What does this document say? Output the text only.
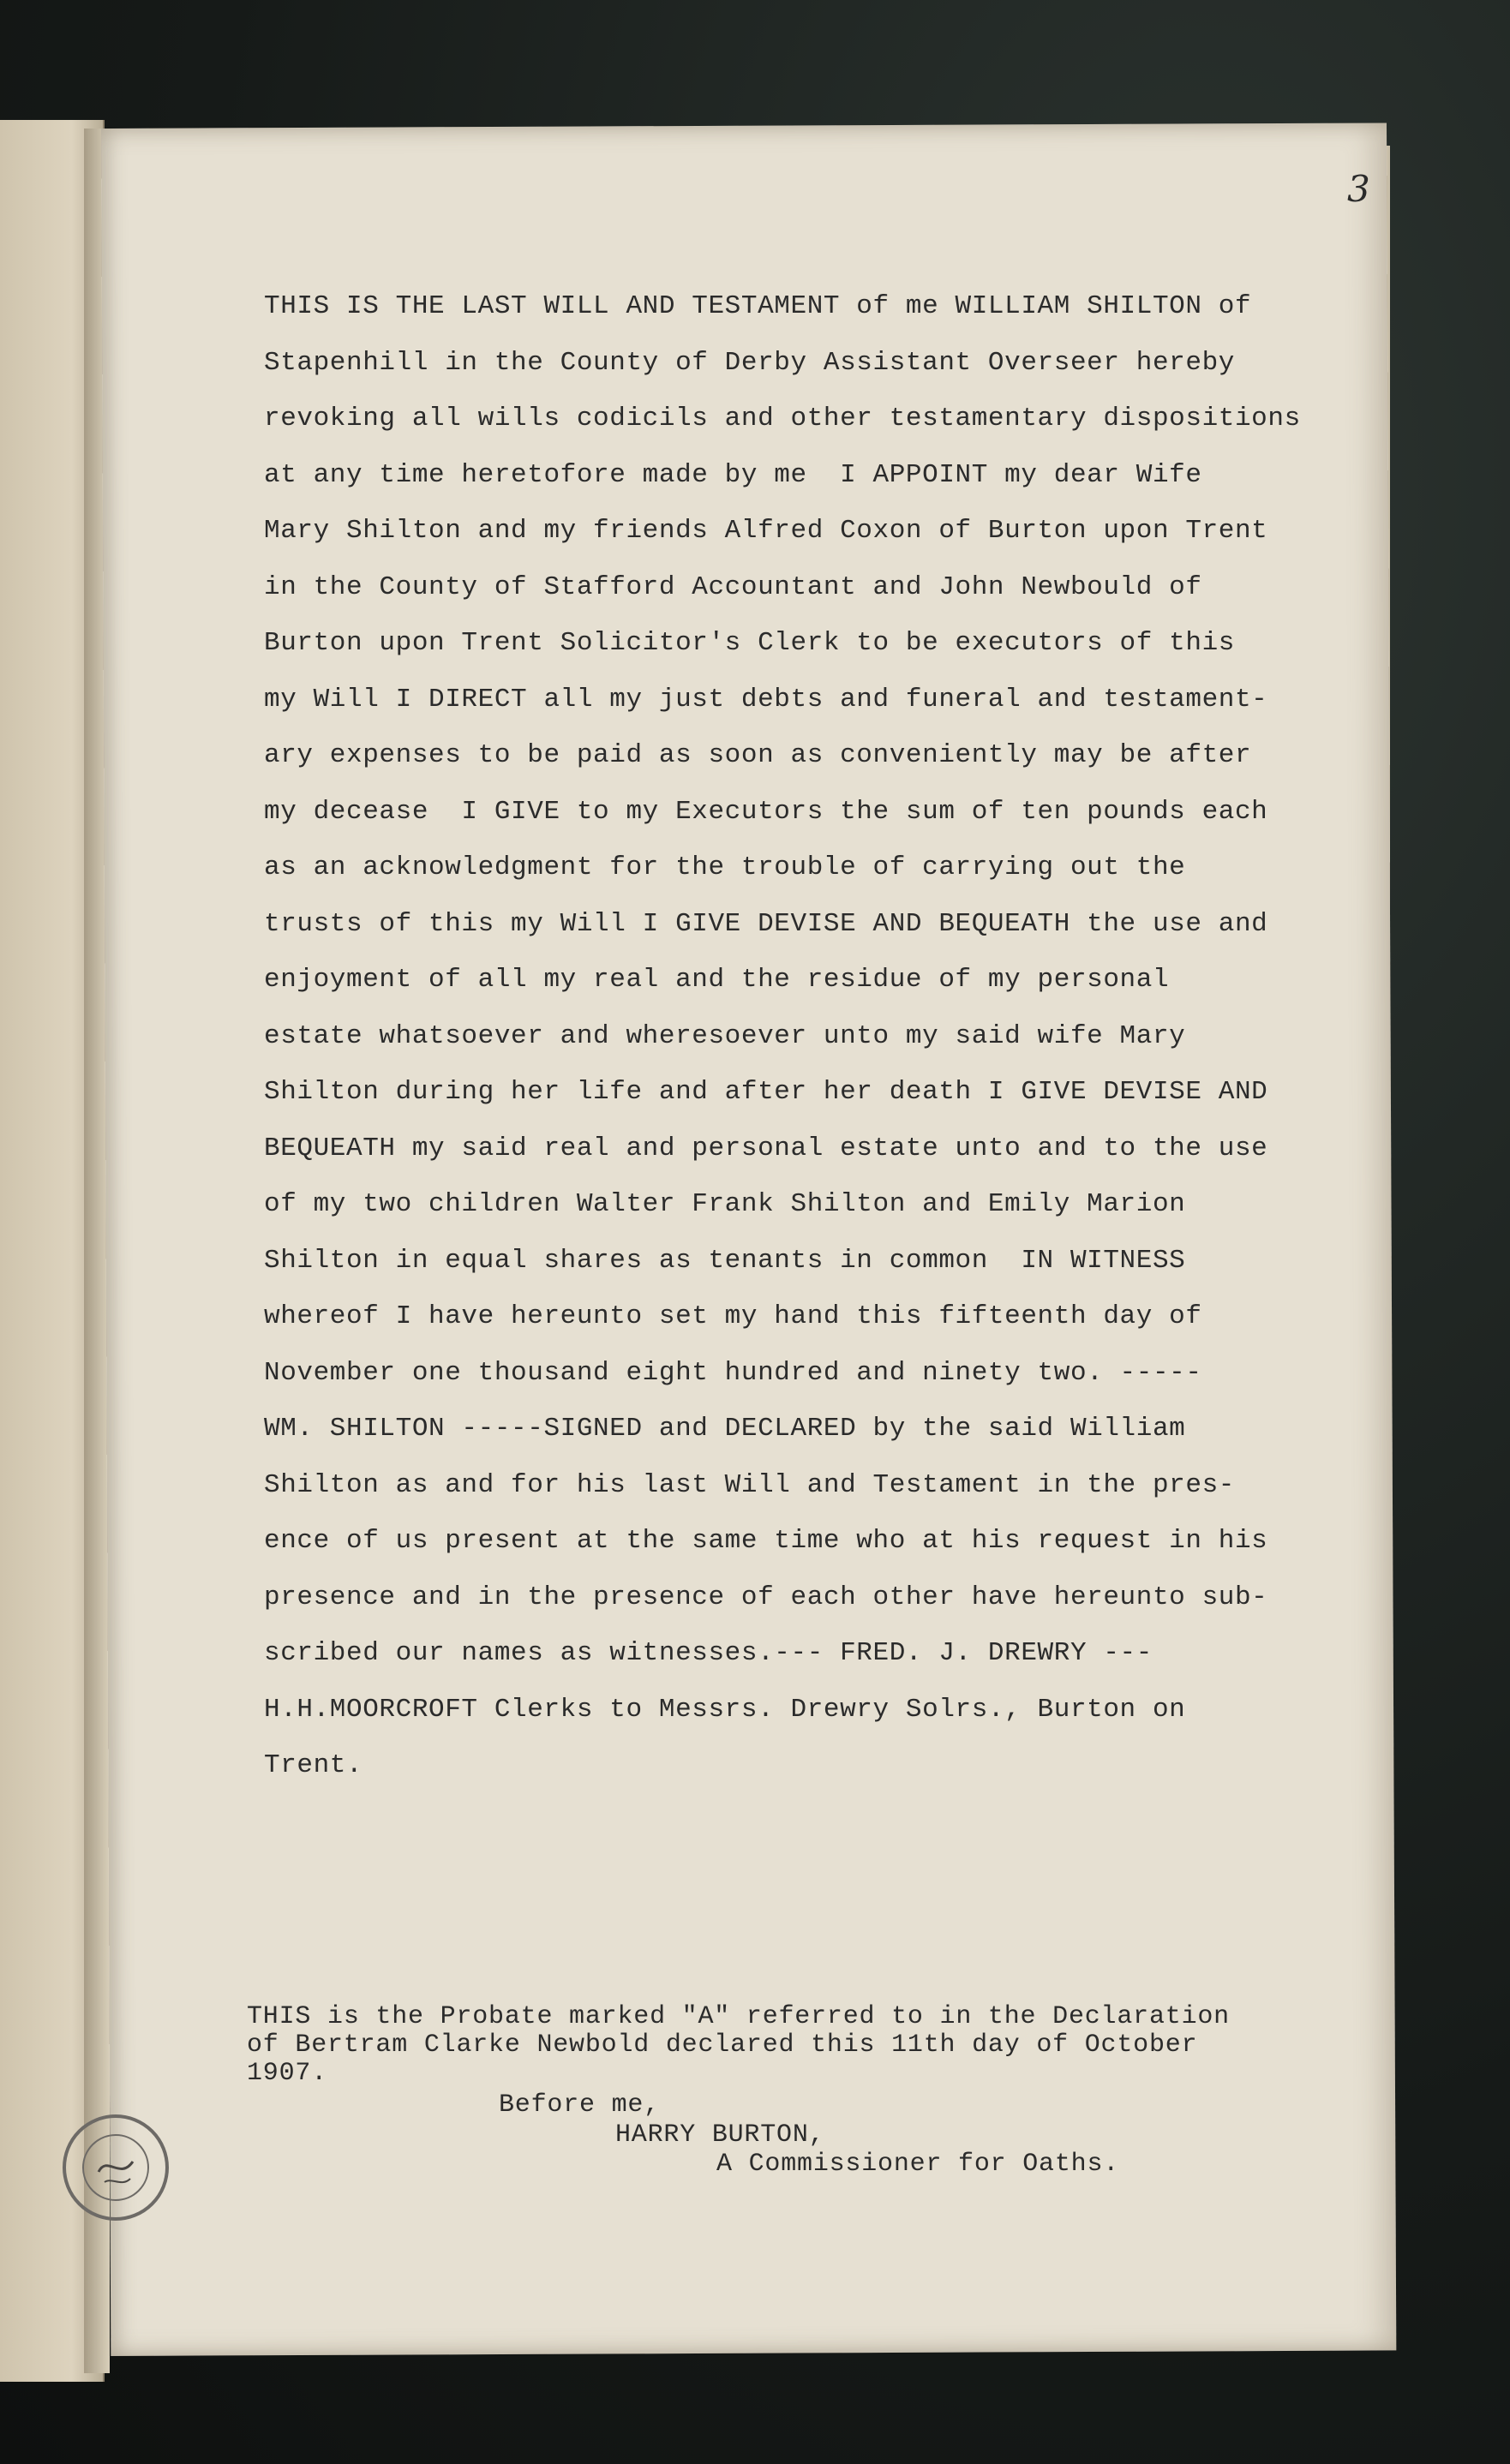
3
THIS IS THE LAST WILL AND TESTAMENT of me WILLIAM SHILTON of
Stapenhill in the County of Derby Assistant Overseer hereby
revoking all wills codicils and other testamentary dispositions
at any time heretofore made by me  I APPOINT my dear Wife
Mary Shilton and my friends Alfred Coxon of Burton upon Trent
in the County of Stafford Accountant and John Newbould of
Burton upon Trent Solicitor's Clerk to be executors of this
my Will I DIRECT all my just debts and funeral and testament-
ary expenses to be paid as soon as conveniently may be after
my decease  I GIVE to my Executors the sum of ten pounds each
as an acknowledgment for the trouble of carrying out the
trusts of this my Will I GIVE DEVISE AND BEQUEATH the use and
enjoyment of all my real and the residue of my personal
estate whatsoever and wheresoever unto my said wife Mary
Shilton during her life and after her death I GIVE DEVISE AND
BEQUEATH my said real and personal estate unto and to the use
of my two children Walter Frank Shilton and Emily Marion
Shilton in equal shares as tenants in common  IN WITNESS
whereof I have hereunto set my hand this fifteenth day of
November one thousand eight hundred and ninety two. -----
WM. SHILTON -----SIGNED and DECLARED by the said William
Shilton as and for his last Will and Testament in the pres-
ence of us present at the same time who at his request in his
presence and in the presence of each other have hereunto sub-
scribed our names as witnesses.--- FRED. J. DREWRY ---
H.H.MOORCROFT Clerks to Messrs. Drewry Solrs., Burton on
Trent.
THIS is the Probate marked "A" referred to in the Declaration
of Bertram Clarke Newbold declared this 11th day of October
1907.
Before me,
HARRY BURTON,
A Commissioner for Oaths.
